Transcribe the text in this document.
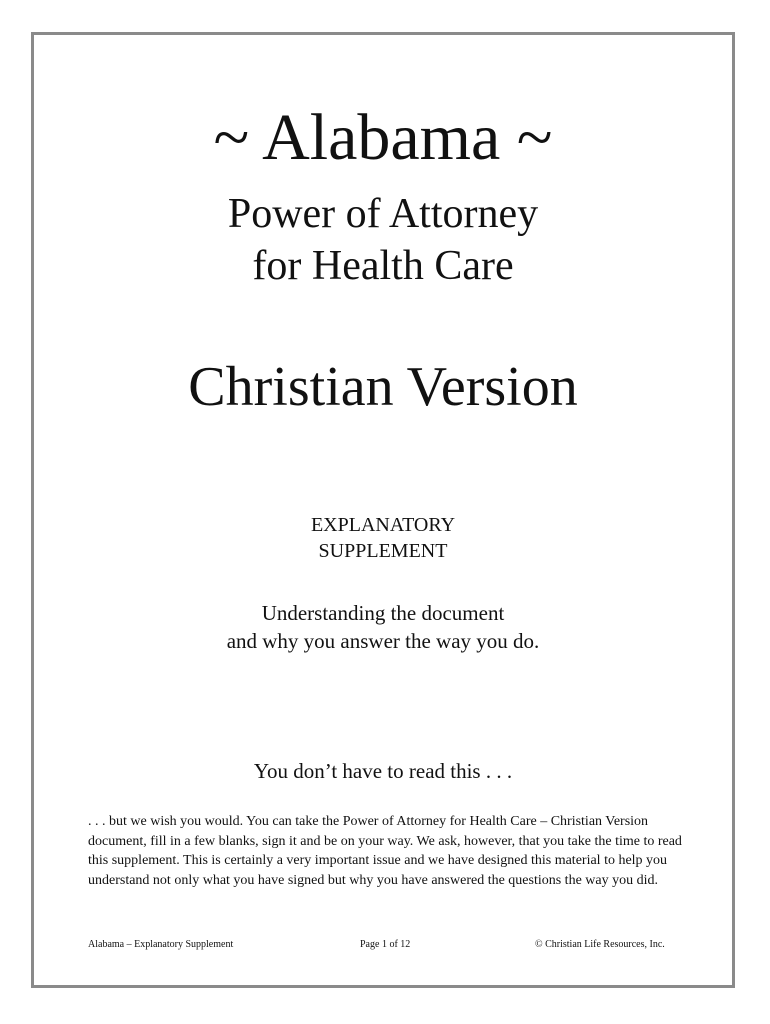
~ Alabama ~
Power of Attorney
for Health Care
Christian Version
EXPLANATORY
SUPPLEMENT
Understanding the document
and why you answer the way you do.
You don’t have to read this . . .
. . . but we wish you would. You can take the Power of Attorney for Health Care – Christian Version document, fill in a few blanks, sign it and be on your way. We ask, however, that you take the time to read this supplement. This is certainly a very important issue and we have designed this material to help you understand not only what you have signed but why you have answered the questions the way you did.
Alabama – Explanatory Supplement	Page 1 of 12	© Christian Life Resources, Inc.
